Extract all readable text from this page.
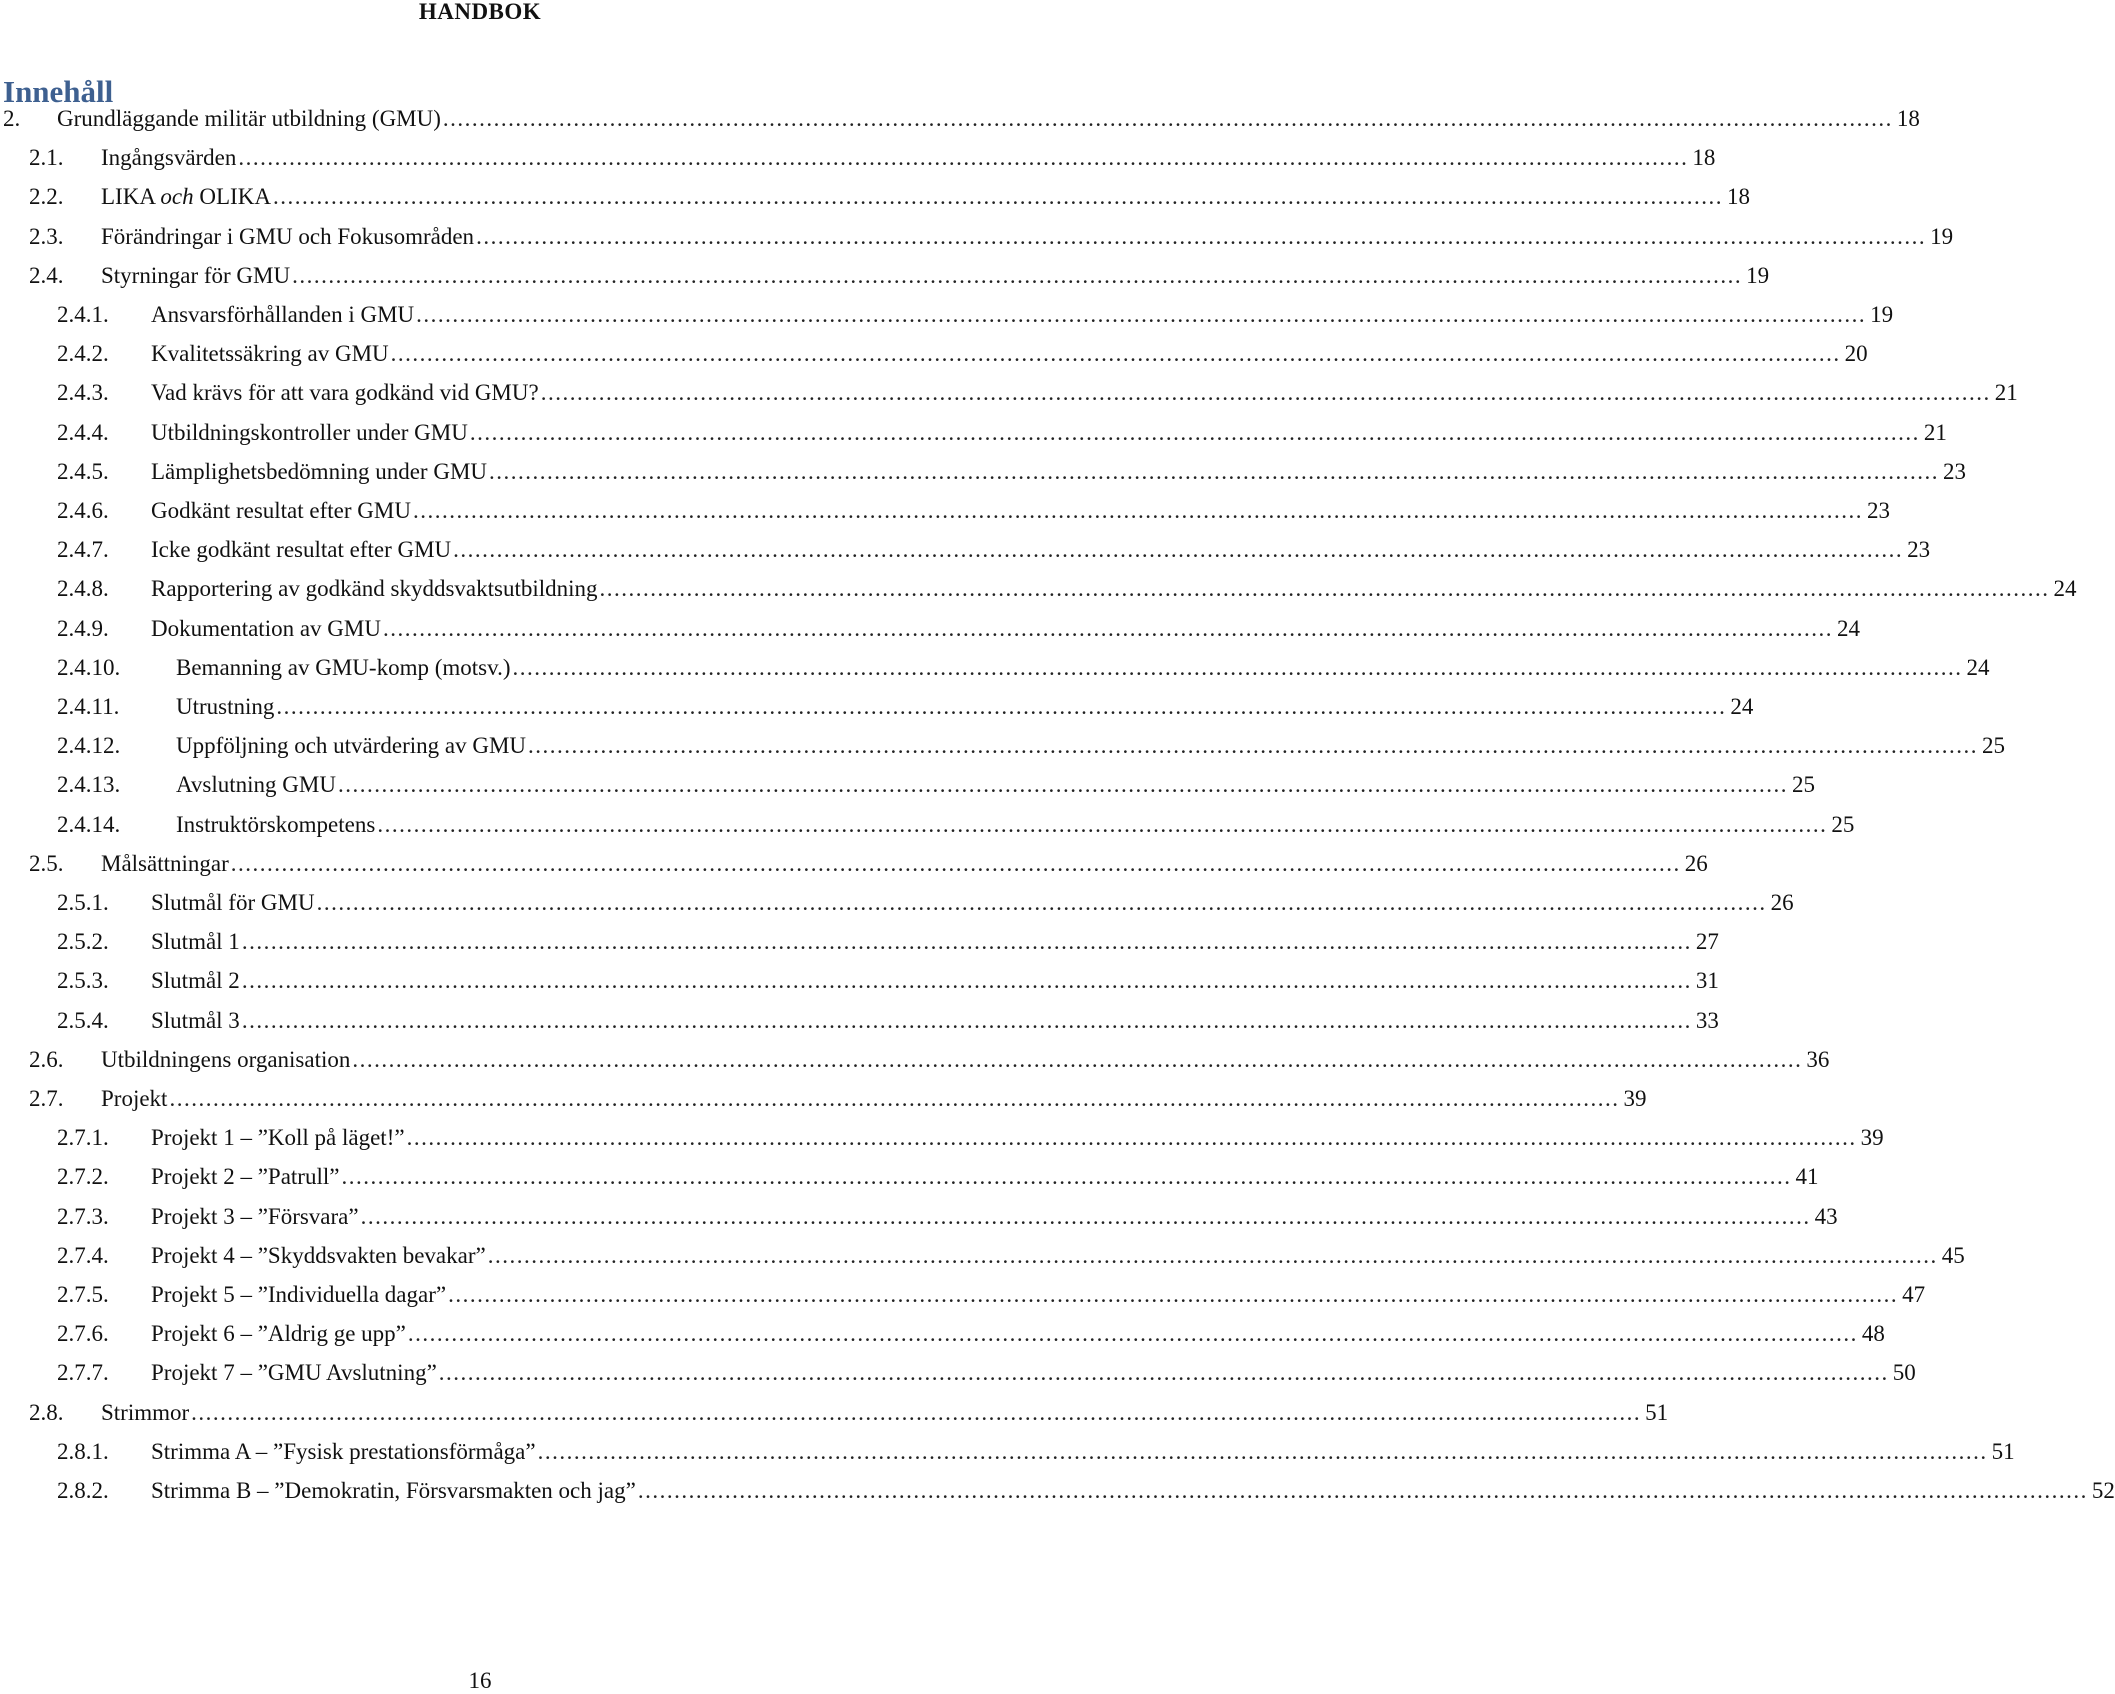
HANDBOK
Innehåll
2. Grundläggande militär utbildning (GMU) ........................................................................................................................................................................................................ 18
2.1. Ingångsvärden ........................................................................................................................................................................................................ 18
2.2. LIKA och OLIKA ........................................................................................................................................................................................................ 18
2.3. Förändringar i GMU och Fokusområden ........................................................................................................................................................................................................ 19
2.4. Styrningar för GMU ........................................................................................................................................................................................................ 19
2.4.1. Ansvarsförhållanden i GMU ........................................................................................................................................................................................................ 19
2.4.2. Kvalitetssäkring av GMU ........................................................................................................................................................................................................ 20
2.4.3. Vad krävs för att vara godkänd vid GMU? ........................................................................................................................................................................................................ 21
2.4.4. Utbildningskontroller under GMU ........................................................................................................................................................................................................ 21
2.4.5. Lämplighetsbedömning under GMU ........................................................................................................................................................................................................ 23
2.4.6. Godkänt resultat efter GMU ........................................................................................................................................................................................................ 23
2.4.7. Icke godkänt resultat efter GMU ........................................................................................................................................................................................................ 23
2.4.8. Rapportering av godkänd skyddsvaktsutbildning ........................................................................................................................................................................................................ 24
2.4.9. Dokumentation av GMU ........................................................................................................................................................................................................ 24
2.4.10. Bemanning av GMU-komp (motsv.) ........................................................................................................................................................................................................ 24
2.4.11. Utrustning ........................................................................................................................................................................................................ 24
2.4.12. Uppföljning och utvärdering av GMU ........................................................................................................................................................................................................ 25
2.4.13. Avslutning GMU ........................................................................................................................................................................................................ 25
2.4.14. Instruktörskompetens ........................................................................................................................................................................................................ 25
2.5. Målsättningar ........................................................................................................................................................................................................ 26
2.5.1. Slutmål för GMU ........................................................................................................................................................................................................ 26
2.5.2. Slutmål 1 ........................................................................................................................................................................................................ 27
2.5.3. Slutmål 2 ........................................................................................................................................................................................................ 31
2.5.4. Slutmål 3 ........................................................................................................................................................................................................ 33
2.6. Utbildningens organisation ........................................................................................................................................................................................................ 36
2.7. Projekt ........................................................................................................................................................................................................ 39
2.7.1. Projekt 1 – ”Koll på läget!” ........................................................................................................................................................................................................ 39
2.7.2. Projekt 2 – ”Patrull” ........................................................................................................................................................................................................ 41
2.7.3. Projekt 3 – ”Försvara” ........................................................................................................................................................................................................ 43
2.7.4. Projekt 4 – ”Skyddsvakten bevakar” ........................................................................................................................................................................................................ 45
2.7.5. Projekt 5 – ”Individuella dagar” ........................................................................................................................................................................................................ 47
2.7.6. Projekt 6 – ”Aldrig ge upp” ........................................................................................................................................................................................................ 48
2.7.7. Projekt 7 – ”GMU Avslutning” ........................................................................................................................................................................................................ 50
2.8. Strimmor ........................................................................................................................................................................................................ 51
2.8.1. Strimma A – ”Fysisk prestationsförmåga” ........................................................................................................................................................................................................ 51
2.8.2. Strimma B – ”Demokratin, Försvarsmakten och jag” ........................................................................................................................................................................................................ 52
16
